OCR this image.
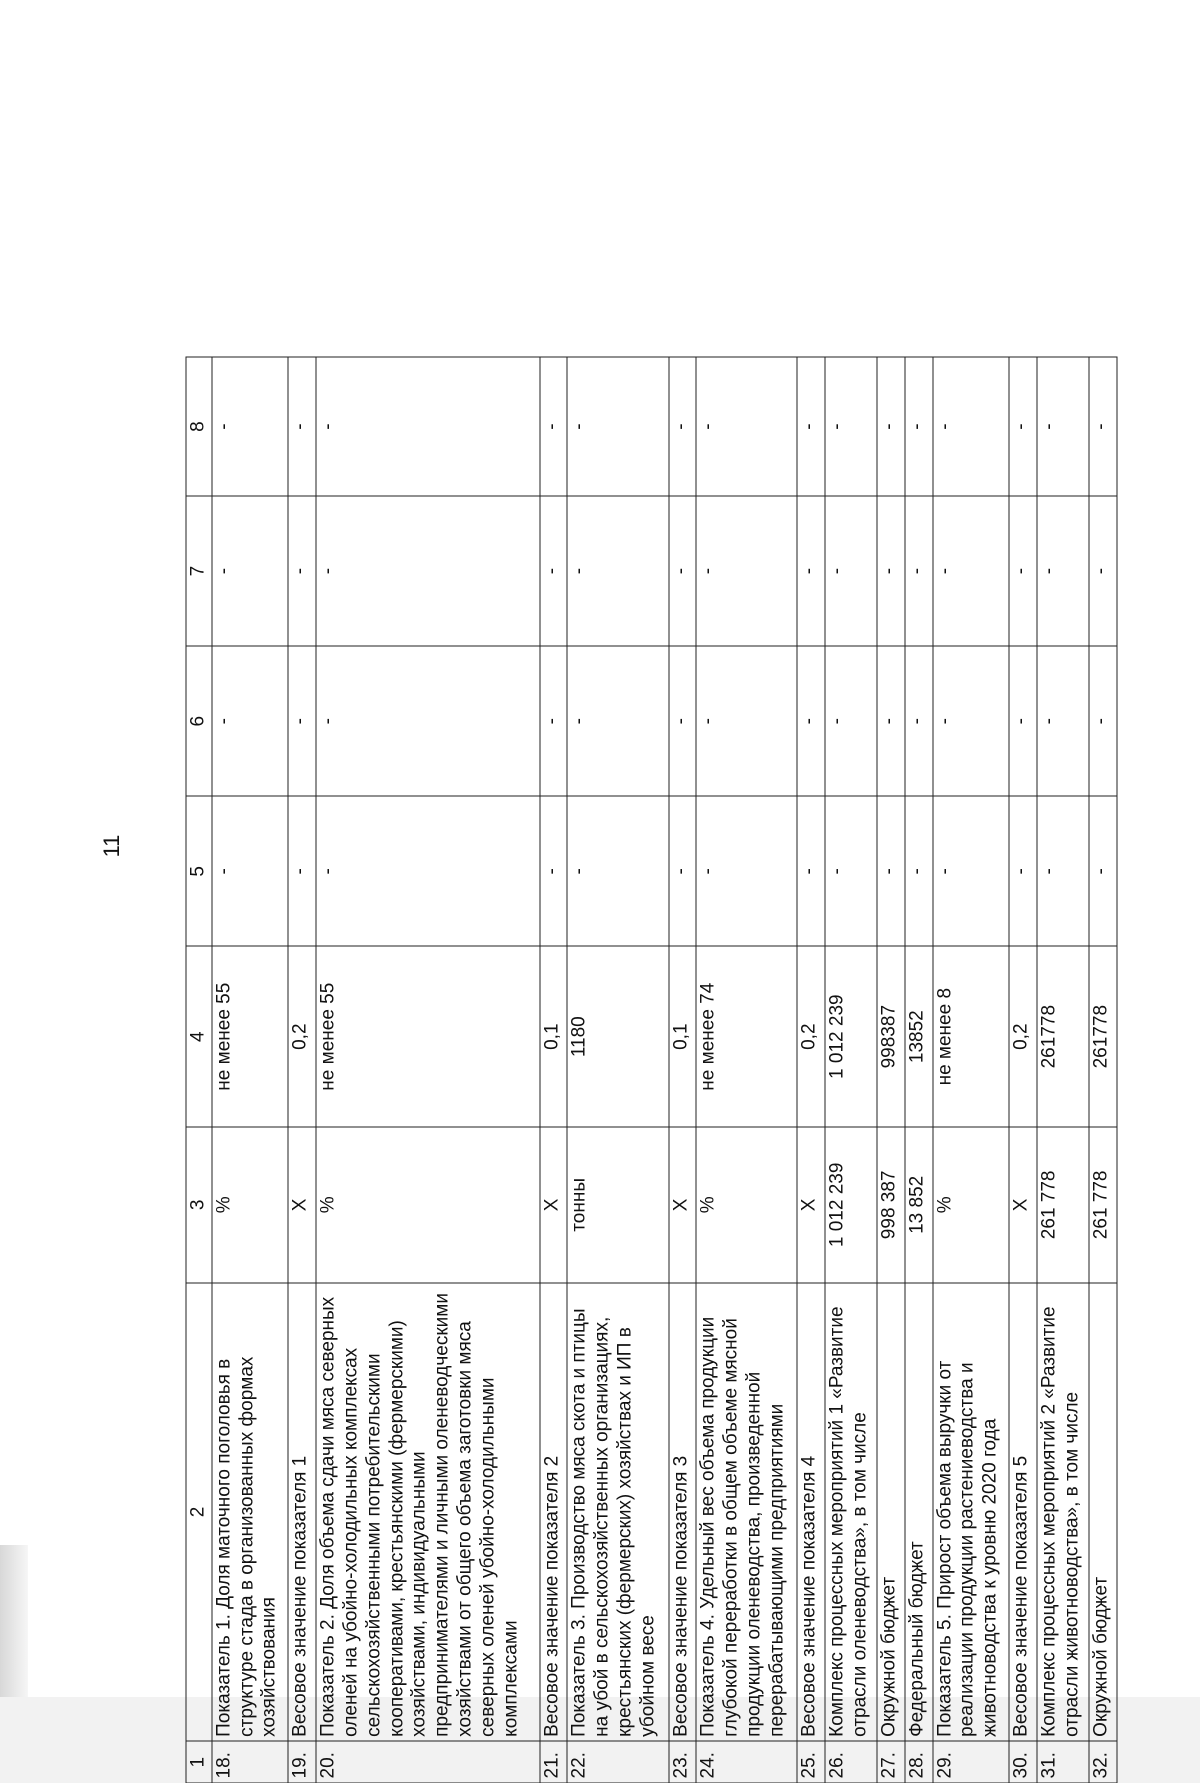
11
1	2	3	4	5	6	7	8
18.	Показатель 1. Доля маточного поголовья в структуре стада в организованных формах хозяйствования	%	не менее 55	-	-	-	-
19.	Весовое значение показателя 1	X	0,2	-	-	-	-
20.	Показатель 2. Доля объема сдачи мяса северных оленей на убойно-холодильных комплексах сельскохозяйственными потребительскими кооперативами, крестьянскими (фермерскими) хозяйствами, индивидуальными предпринимателями и личными оленеводческими хозяйствами от общего объема заготовки мяса северных оленей убойно-холодильными комплексами	%	не менее 55	-	-	-	-
21.	Весовое значение показателя 2	X	0,1	-	-	-	-
22.	Показатель 3. Производство мяса скота и птицы на убой в сельскохозяйственных организациях, крестьянских (фермерских) хозяйствах и ИП в убойном весе	тонны	1180	-	-	-	-
23.	Весовое значение показателя 3	X	0,1	-	-	-	-
24.	Показатель 4. Удельный вес объема продукции глубокой переработки в общем объеме мясной продукции оленеводства, произведенной перерабатывающими предприятиями	%	не менее 74	-	-	-	-
25.	Весовое значение показателя 4	X	0,2	-	-	-	-
26.	Комплекс процессных мероприятий 1 «Развитие отрасли оленеводства», в том числе	1 012 239	1 012 239	-	-	-	-
27.	Окружной бюджет	998 387	998387	-	-	-	-
28.	Федеральный бюджет	13 852	13852	-	-	-	-
29.	Показатель 5. Прирост объема выручки от реализации продукции растениеводства и животноводства к уровню 2020 года	%	не менее 8	-	-	-	-
30.	Весовое значение показателя 5	X	0,2	-	-	-	-
31.	Комплекс процессных мероприятий 2 «Развитие отрасли животноводства», в том числе	261 778	261778	-	-	-	-
32.	Окружной бюджет	261 778	261778	-	-	-	-
